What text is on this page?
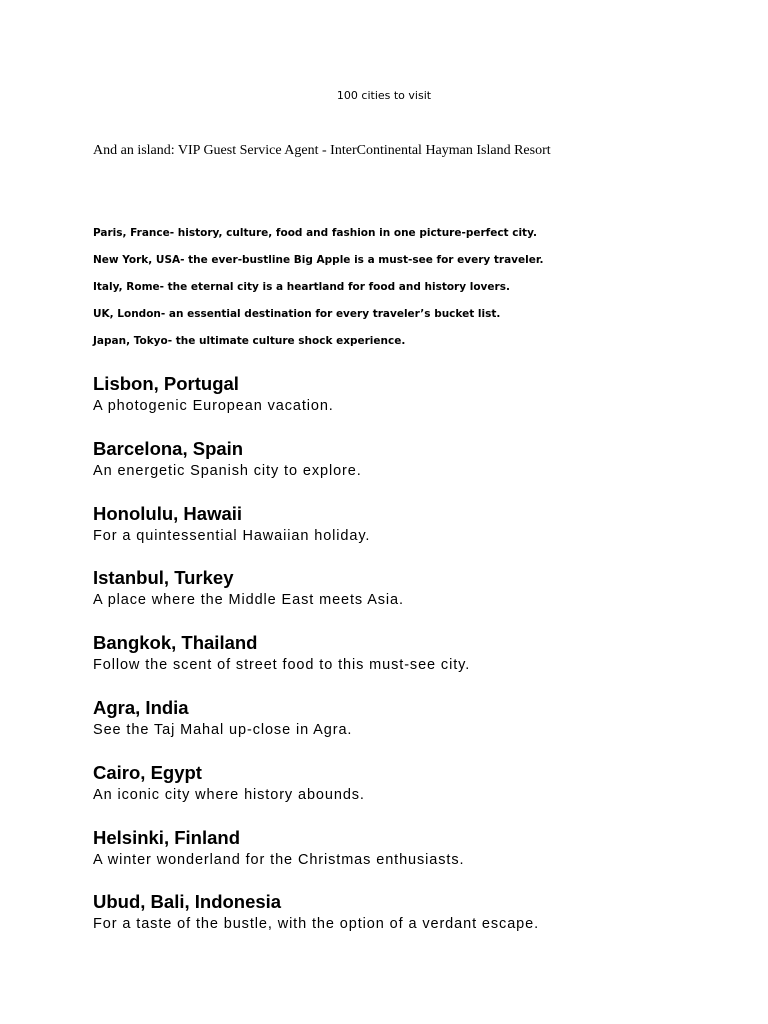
100 cities to visit
And an island: VIP Guest Service Agent - InterContinental Hayman Island Resort
Paris, France- history, culture, food and fashion in one picture-perfect city.
New York, USA- the ever-bustline Big Apple is a must-see for every traveler.
Italy, Rome- the eternal city is a heartland for food and history lovers.
UK, London- an essential destination for every traveler’s bucket list.
Japan, Tokyo- the ultimate culture shock experience.
Lisbon, Portugal
A photogenic European vacation.
Barcelona, Spain
An energetic Spanish city to explore.
Honolulu, Hawaii
For a quintessential Hawaiian holiday.
Istanbul, Turkey
A place where the Middle East meets Asia.
Bangkok, Thailand
Follow the scent of street food to this must-see city.
Agra, India
See the Taj Mahal up-close in Agra.
Cairo, Egypt
An iconic city where history abounds.
Helsinki, Finland
A winter wonderland for the Christmas enthusiasts.
Ubud, Bali, Indonesia
For a taste of the bustle, with the option of a verdant escape.
